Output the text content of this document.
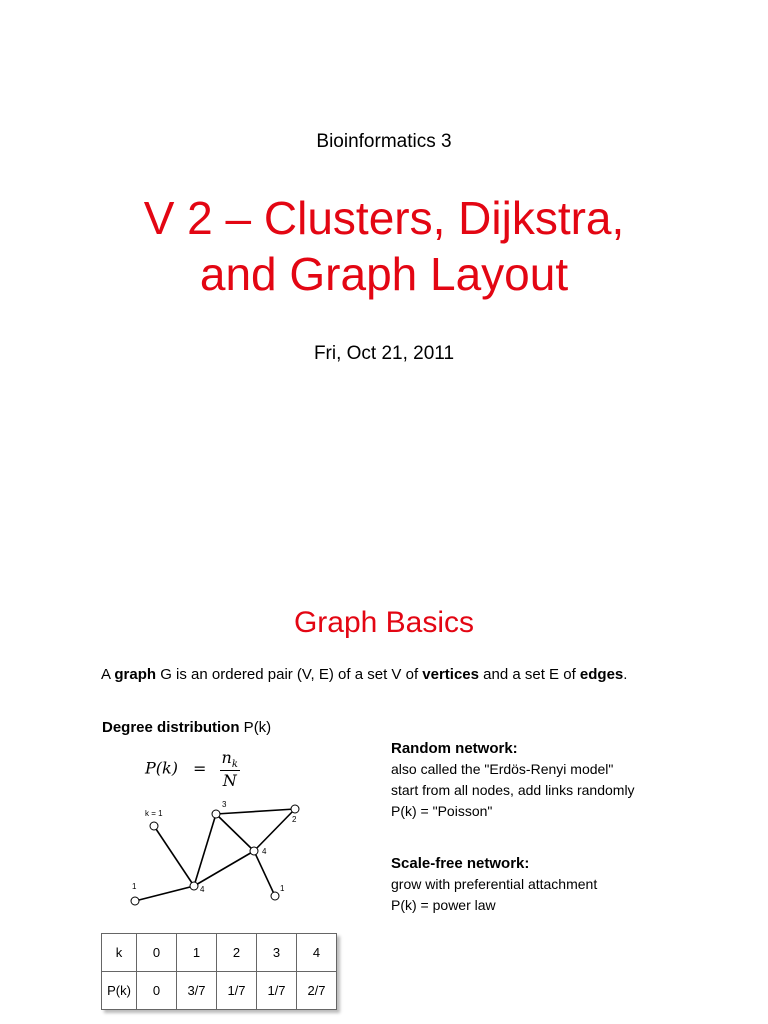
Bioinformatics 3
V 2 – Clusters, Dijkstra,
and Graph Layout
Fri, Oct 21, 2011
Graph Basics
A graph G is an ordered pair (V, E) of a set V of vertices and a set E of edges.
Degree distribution P(k)
$P(k) = \frac{n_k}{N}$
k = 1
3
2
4
1	4	1
Random network:
also called the "Erdös-Renyi model"
start from all nodes, add links randomly
P(k) = "Poisson"
Scale-free network:
grow with preferential attachment
P(k) = power law
k	0	1	2	3	4
P(k)	0	3/7	1/7	1/7	2/7
